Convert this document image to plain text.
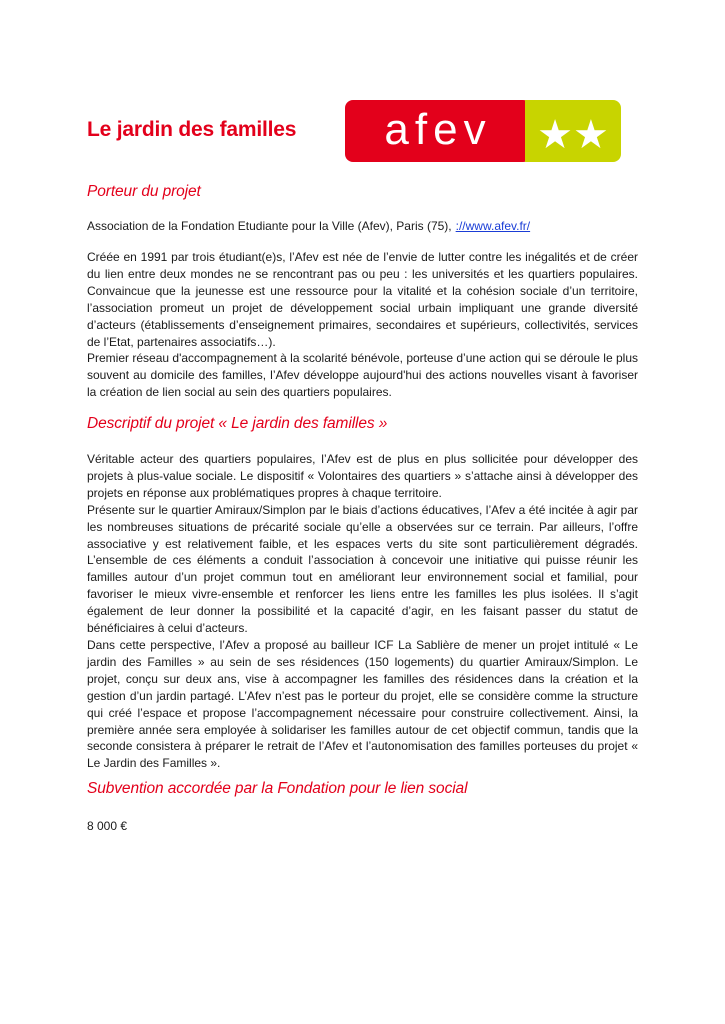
Le jardin des familles afev ★★
Porteur du projet

Association de la Fondation Etudiante pour la Ville (Afev), Paris (75), ://www.afev.fr/

Créée en 1991 par trois étudiant(e)s, l’Afev est née de l’envie de lutter contre les inégalités et de créer du lien entre deux mondes ne se rencontrant pas ou peu : les universités et les quartiers populaires. Convaincue que la jeunesse est une ressource pour la vitalité et la cohésion sociale d’un territoire, l’association promeut un projet de développement social urbain impliquant une grande diversité d’acteurs (établissements d’enseignement primaires, secondaires et supérieurs, collectivités, services de l’Etat, partenaires associatifs…).
Premier réseau d'accompagnement à la scolarité bénévole, porteuse d’une action qui se déroule le plus souvent au domicile des familles, l’Afev développe aujourd'hui des actions nouvelles visant à favoriser la création de lien social au sein des quartiers populaires.
Descriptif du projet « Le jardin des familles »
Véritable acteur des quartiers populaires, l’Afev est de plus en plus sollicitée pour développer des projets à plus-value sociale. Le dispositif « Volontaires des quartiers » s’attache ainsi à développer des projets en réponse aux problématiques propres à chaque territoire.
Présente sur le quartier Amiraux/Simplon par le biais d’actions éducatives, l’Afev a été incitée à agir par les nombreuses situations de précarité sociale qu’elle a observées sur ce terrain. Par ailleurs, l’offre associative y est relativement faible, et les espaces verts du site sont particulièrement dégradés. L’ensemble de ces éléments a conduit l’association à concevoir une initiative qui puisse réunir les familles autour d’un projet commun tout en améliorant leur environnement social et familial, pour favoriser le mieux vivre-ensemble et renforcer les liens entre les familles les plus isolées. Il s’agit également de leur donner la possibilité et la capacité d’agir, en les faisant passer du statut de bénéficiaires à celui d’acteurs.
Dans cette perspective, l’Afev a proposé au bailleur ICF La Sablière de mener un projet intitulé « Le jardin des Familles » au sein de ses résidences (150 logements) du quartier Amiraux/Simplon. Le projet, conçu sur deux ans, vise à accompagner les familles des résidences dans la création et la gestion d’un jardin partagé. L’Afev n’est pas le porteur du projet, elle se considère comme la structure qui créé l’espace et propose l’accompagnement nécessaire pour construire collectivement. Ainsi, la première année sera employée à solidariser les familles autour de cet objectif commun, tandis que la seconde consistera à préparer le retrait de l’Afev et l’autonomisation des familles porteuses du projet « Le Jardin des Familles ».
Subvention accordée par la Fondation pour le lien social
8 000 €
